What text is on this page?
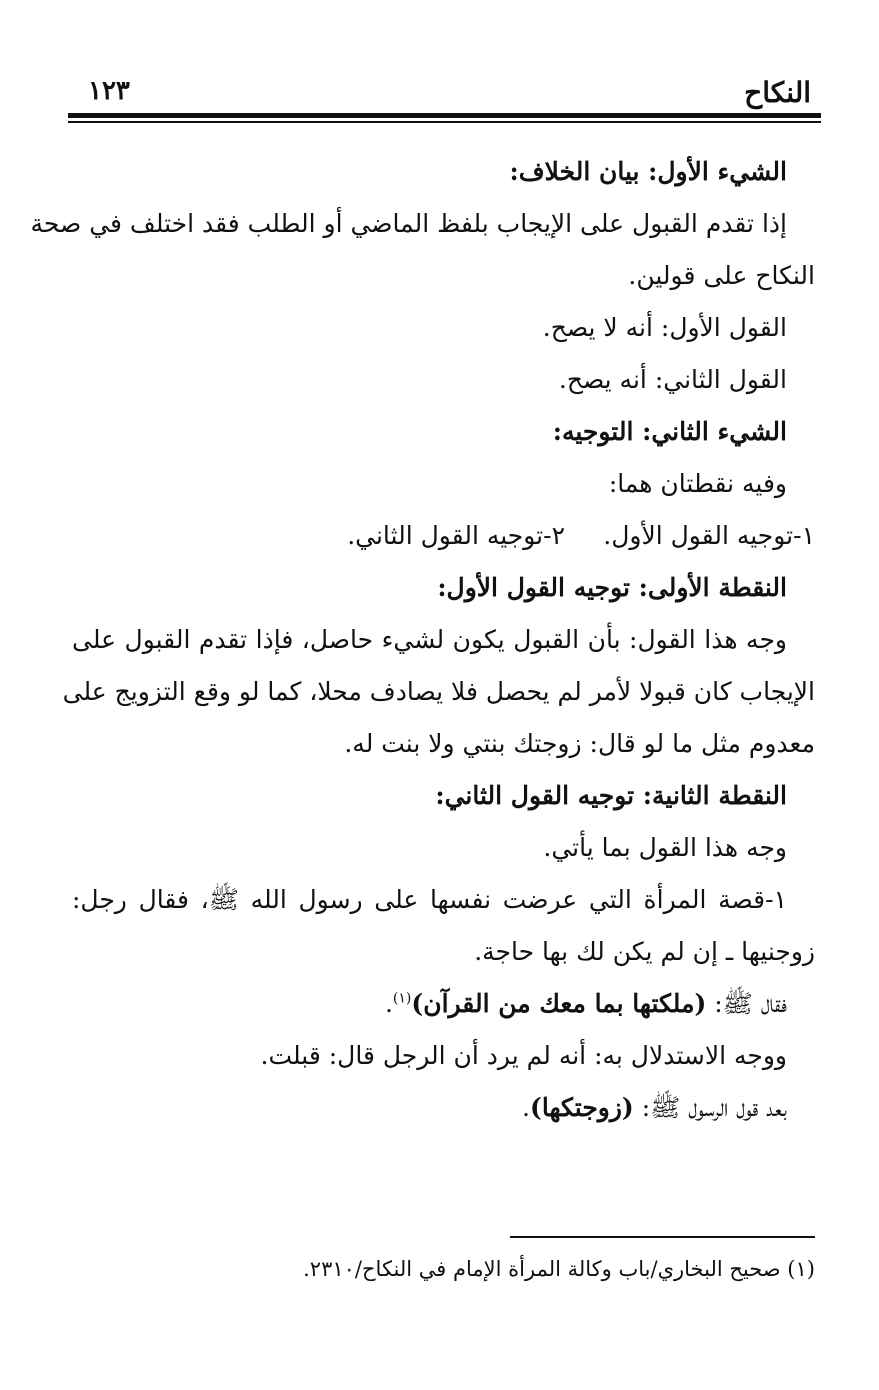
النكاح
١٢٣
الشيء الأول: بيان الخلاف:
إذا تقدم القبول على الإيجاب بلفظ الماضي أو الطلب فقد اختلف في صحة
النكاح على قولين.
القول الأول: أنه لا يصح.
القول الثاني: أنه يصح.
الشيء الثاني: التوجيه:
وفيه نقطتان هما:
١-توجيه القول الأول.
٢-توجيه القول الثاني.
النقطة الأولى: توجيه القول الأول:
وجه هذا القول: بأن القبول يكون لشيء حاصل، فإذا تقدم القبول على
الإيجاب كان قبولا لأمر لم يحصل فلا يصادف محلا، كما لو وقع التزويج على
معدوم مثل ما لو قال: زوجتك بنتي ولا بنت له.
النقطة الثانية: توجيه القول الثاني:
وجه هذا القول بما يأتي.
١-قصة المرأة التي عرضت نفسها على رسول الله ﷺ، فقال رجل:
زوجنيها ـ إن لم يكن لك بها حاجة.
فقال ﷺ: (ملكتها بما معك من القرآن)$^{(١)}$.
ووجه الاستدلال به: أنه لم يرد أن الرجل قال: قبلت.
بعد قول الرسول ﷺ: (زوجتكها).
(١) صحيح البخاري/باب وكالة المرأة الإمام في النكاح/٢٣١٠.
